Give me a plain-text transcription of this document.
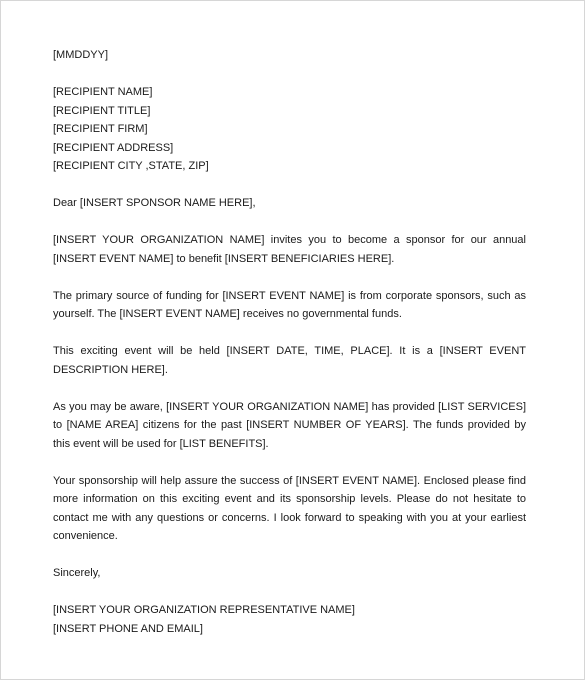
[MMDDYY]
[RECIPIENT NAME]
[RECIPIENT TITLE]
[RECIPIENT FIRM]
[RECIPIENT ADDRESS]
[RECIPIENT CITY ,STATE, ZIP]
Dear [INSERT SPONSOR NAME HERE],

[INSERT YOUR ORGANIZATION NAME] invites you to become a sponsor for our annual [INSERT EVENT NAME] to benefit [INSERT BENEFICIARIES HERE].

The primary source of funding for [INSERT EVENT NAME] is from corporate sponsors, such as yourself. The [INSERT EVENT NAME] receives no governmental funds.

This exciting event will be held [INSERT DATE, TIME, PLACE]. It is a [INSERT EVENT DESCRIPTION HERE].

As you may be aware, [INSERT YOUR ORGANIZATION NAME] has provided [LIST SERVICES] to [NAME AREA] citizens for the past [INSERT NUMBER OF YEARS]. The funds provided by this event will be used for [LIST BENEFITS].

Your sponsorship will help assure the success of [INSERT EVENT NAME]. Enclosed please find more information on this exciting event and its sponsorship levels. Please do not hesitate to contact me with any questions or concerns. I look forward to speaking with you at your earliest convenience.

Sincerely,
[INSERT YOUR ORGANIZATION REPRESENTATIVE NAME]
[INSERT PHONE AND EMAIL]
